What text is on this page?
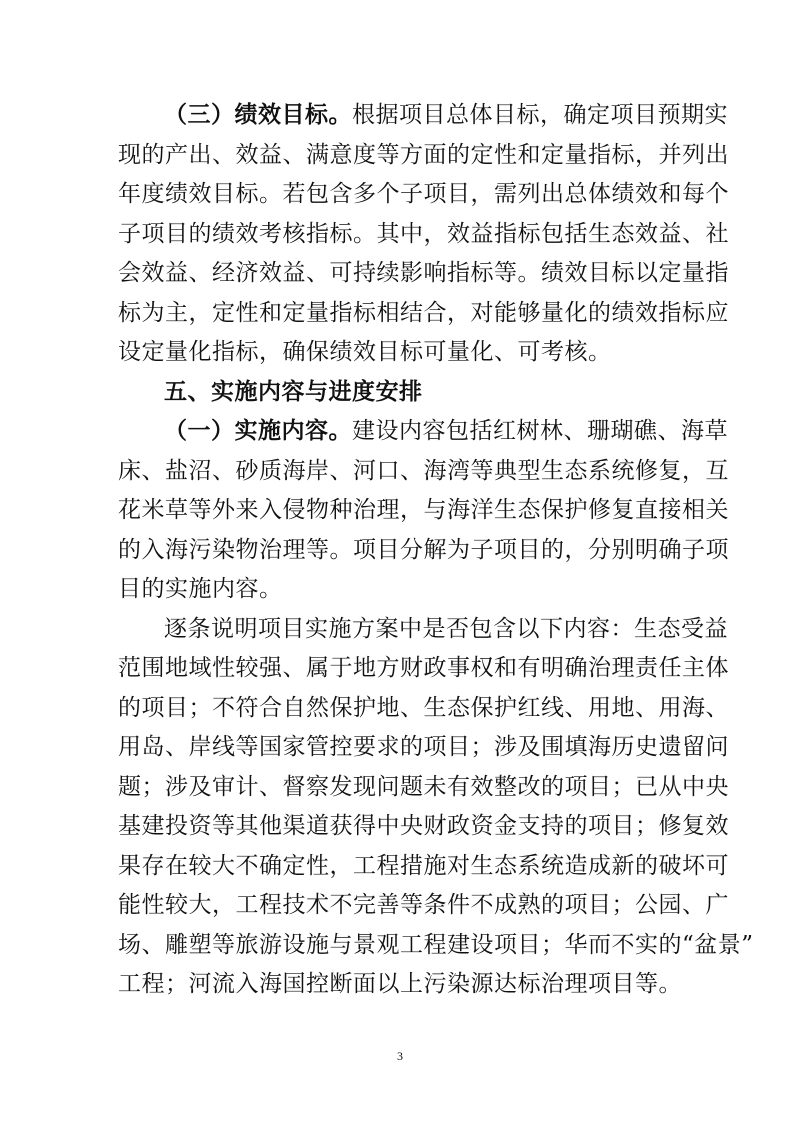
（三）绩效目标。根据项目总体目标，确定项目预期实
现的产出、效益、满意度等方面的定性和定量指标，并列出
年度绩效目标。若包含多个子项目，需列出总体绩效和每个
子项目的绩效考核指标。其中，效益指标包括生态效益、社
会效益、经济效益、可持续影响指标等。绩效目标以定量指
标为主，定性和定量指标相结合，对能够量化的绩效指标应
设定量化指标，确保绩效目标可量化、可考核。
五、实施内容与进度安排
（一）实施内容。建设内容包括红树林、珊瑚礁、海草
床、盐沼、砂质海岸、河口、海湾等典型生态系统修复，互
花米草等外来入侵物种治理，与海洋生态保护修复直接相关
的入海污染物治理等。项目分解为子项目的，分别明确子项
目的实施内容。
逐条说明项目实施方案中是否包含以下内容：生态受益
范围地域性较强、属于地方财政事权和有明确治理责任主体
的项目；不符合自然保护地、生态保护红线、用地、用海、
用岛、岸线等国家管控要求的项目；涉及围填海历史遗留问
题；涉及审计、督察发现问题未有效整改的项目；已从中央
基建投资等其他渠道获得中央财政资金支持的项目；修复效
果存在较大不确定性，工程措施对生态系统造成新的破坏可
能性较大，工程技术不完善等条件不成熟的项目；公园、广
场、雕塑等旅游设施与景观工程建设项目；华而不实的“盆景”
工程；河流入海国控断面以上污染源达标治理项目等。
3
